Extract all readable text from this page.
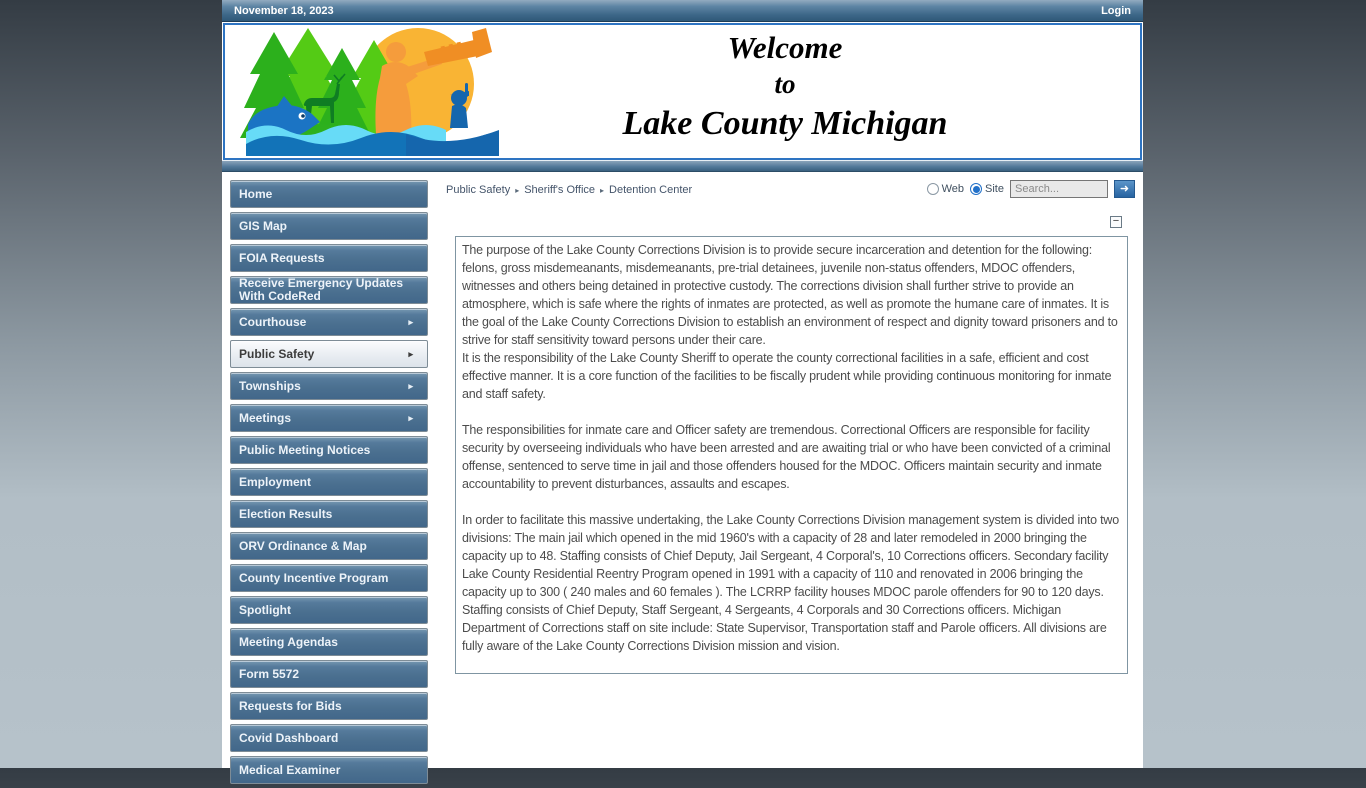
November 18, 2023	Login
Welcome
to
Lake County Michigan
Home
GIS Map
FOIA Requests
Receive Emergency Updates With CodeRed
Courthouse	▸
Public Safety	▸
Townships	▸
Meetings	▸
Public Meeting Notices
Employment
Election Results
ORV Ordinance & Map
County Incentive Program
Spotlight
Meeting Agendas
Form 5572
Requests for Bids
Covid Dashboard
Medical Examiner
Public Safety ▸ Sheriff's Office ▸ Detention Center	Web Site
Search...	➜
−

The purpose of the Lake County Corrections Division is to provide secure incarceration and detention for the following: felons, gross misdemeanants, misdemeanants, pre-trial detainees, juvenile non-status offenders, MDOC offenders, witnesses and others being detained in protective custody. The corrections division shall further strive to provide an atmosphere, which is safe where the rights of inmates are protected, as well as promote the humane care of inmates. It is the goal of the Lake County Corrections Division to establish an environment of respect and dignity toward prisoners and to strive for staff sensitivity toward persons under their care.

It is the responsibility of the Lake County Sheriff to operate the county correctional facilities in a safe, efficient and cost effective manner. It is a core function of the facilities to be fiscally prudent while providing continuous monitoring for inmate and staff safety.

The responsibilities for inmate care and Officer safety are tremendous. Correctional Officers are responsible for facility security by overseeing individuals who have been arrested and are awaiting trial or who have been convicted of a criminal offense, sentenced to serve time in jail and those offenders housed for the MDOC. Officers maintain security and inmate accountability to prevent disturbances, assaults and escapes.

In order to facilitate this massive undertaking, the Lake County Corrections Division management system is divided into two divisions: The main jail which opened in the mid 1960's with a capacity of 28 and later remodeled in 2000 bringing the capacity up to 48. Staffing consists of Chief Deputy, Jail Sergeant, 4 Corporal's, 10 Corrections officers. Secondary facility Lake County Residential Reentry Program opened in 1991 with a capacity of 110 and renovated in 2006 bringing the capacity up to 300 ( 240 males and 60 females ). The LCRRP facility houses MDOC parole offenders for 90 to 120 days. Staffing consists of Chief Deputy, Staff Sergeant, 4 Sergeants, 4 Corporals and 30 Corrections officers. Michigan Department of Corrections staff on site include: State Supervisor, Transportation staff and Parole officers. All divisions are fully aware of the Lake County Corrections Division mission and vision.
